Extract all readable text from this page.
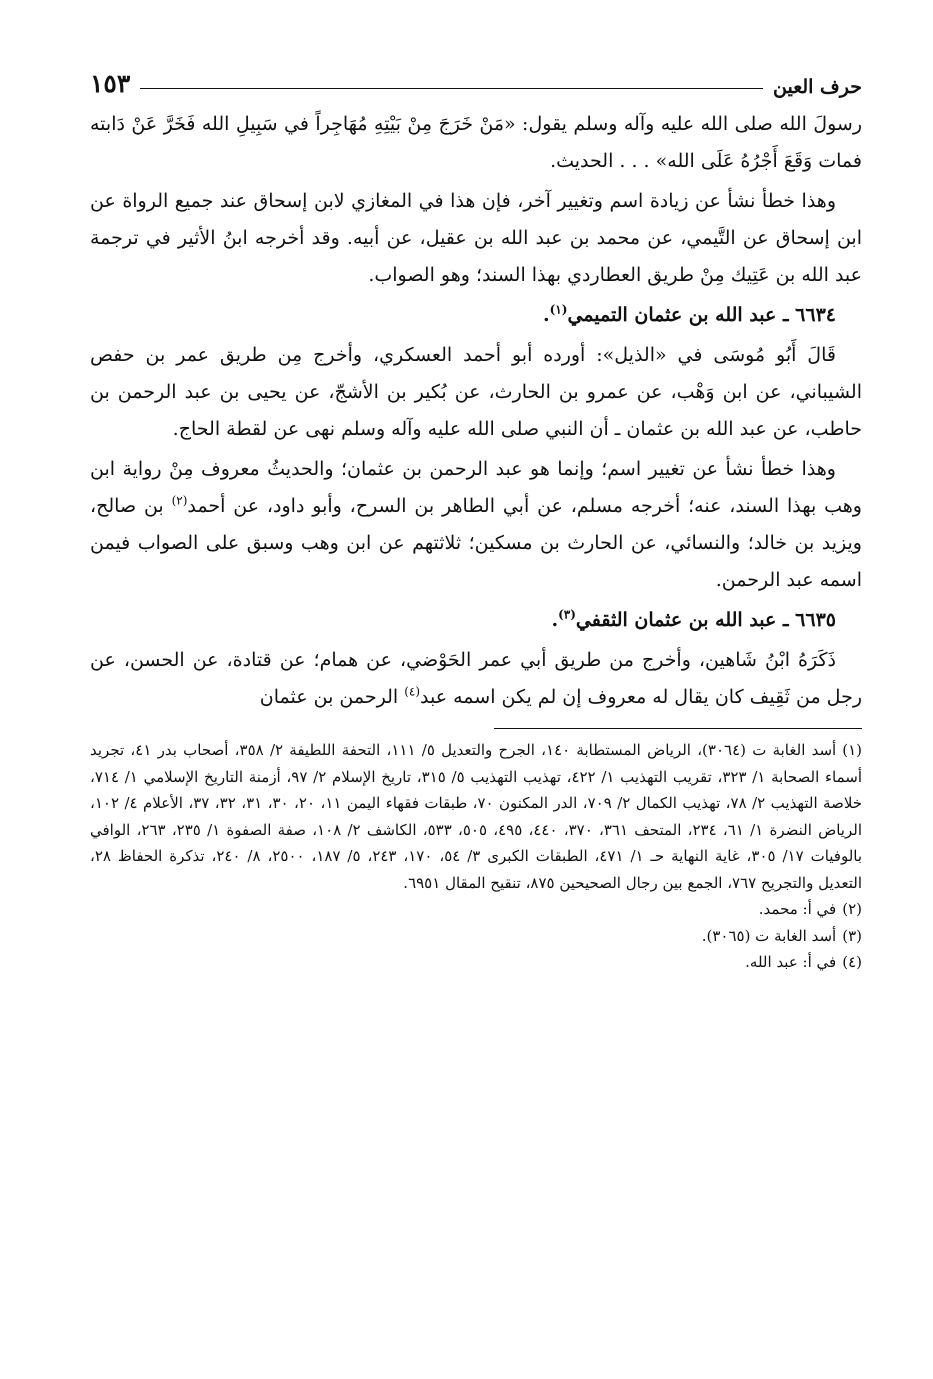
حرف العين
١٥٣

رسولَ الله صلى الله عليه وآله وسلم يقول: «مَنْ خَرَجَ مِنْ بَيْتِهِ مُهَاجِراً في سَبِيلِ الله فَخَرَّ عَنْ دَابته فمات وَقَعَ أَجْرُهُ عَلَى الله» . . . الحديث.

وهذا خطأ نشأ عن زيادة اسم وتغيير آخر، فإن هذا في المغازي لابن إسحاق عند جميع الرواة عن ابن إسحاق عن التَّيمي، عن محمد بن عبد الله بن عقيل، عن أبيه. وقد أخرجه ابنُ الأثير في ترجمة عبد الله بن عَتِيك مِنْ طريق العطاردي بهذا السند؛ وهو الصواب.

٦٦٣٤ ـ عبد الله بن عثمان التميمي$^{(١)}$.

قَالَ أَبُو مُوسَى في «الذيل»: أورده أبو أحمد العسكري، وأخرج مِن طريق عمر بن حفص الشيباني، عن ابن وَهْب، عن عمرو بن الحارث، عن بُكير بن الأشجّ، عن يحيى بن عبد الرحمن بن حاطب، عن عبد الله بن عثمان ـ أن النبي صلى الله عليه وآله وسلم نهى عن لقطة الحاج.

وهذا خطأ نشأ عن تغيير اسم؛ وإنما هو عبد الرحمن بن عثمان؛ والحديثُ معروف مِنْ رواية ابن وهب بهذا السند، عنه؛ أخرجه مسلم، عن أبي الطاهر بن السرح، وأبو داود، عن أحمد$^{(٢)}$ بن صالح، ويزيد بن خالد؛ والنسائي، عن الحارث بن مسكين؛ ثلاثتهم عن ابن وهب وسبق على الصواب فيمن اسمه عبد الرحمن.

٦٦٣٥ ـ عبد الله بن عثمان الثقفي$^{(٣)}$.

ذَكَرَهُ ابْنُ شَاهين، وأخرج من طريق أبي عمر الحَوْضي، عن همام؛ عن قتادة، عن الحسن، عن رجل من ثَقِيف كان يقال له معروف إن لم يكن اسمه عبد$^{(٤)}$ الرحمن بن عثمان

(١)أسد الغابة ت (٣٠٦٤)، الرياض المستطابة ١٤٠، الجرح والتعديل ٥/ ١١١، التحفة اللطيفة ٢/ ٣٥٨، أصحاب بدر ٤١، تجريد أسماء الصحابة ١/ ٣٢٣، تقريب التهذيب ١/ ٤٢٢، تهذيب التهذيب ٥/ ٣١٥، تاريخ الإسلام ٢/ ٩٧، أزمنة التاريخ الإسلامي ١/ ٧١٤، خلاصة التهذيب ٢/ ٧٨، تهذيب الكمال ٢/ ٧٠٩، الدر المكنون ٧٠، طبقات فقهاء اليمن ١١، ٢٠، ٣٠، ٣١، ٣٢، ٣٧، الأعلام ٤/ ١٠٢، الرياض النضرة ١/ ٦١، ٢٣٤، المتحف ٣٦١، ٣٧٠، ٤٤٠، ٤٩٥، ٥٠٥، ٥٣٣، الكاشف ٢/ ١٠٨، صفة الصفوة ١/ ٢٣٥، ٢٦٣، الوافي بالوفيات ١٧/ ٣٠٥، غاية النهاية حـ ١/ ٤٧١، الطبقات الكبرى ٣/ ٥٤، ١٧٠، ٢٤٣، ٥/ ١٨٧، ٢٥٠٠، ٨/ ٢٤٠، تذكرة الحفاظ ٢٨، التعديل والتجريح ٧٦٧، الجمع بين رجال الصحيحين ٨٧٥، تنقيح المقال ٦٩٥١.
(٢)في أ: محمد.
(٣)أسد الغابة ت (٣٠٦٥).
(٤)في أ: عبد الله.
